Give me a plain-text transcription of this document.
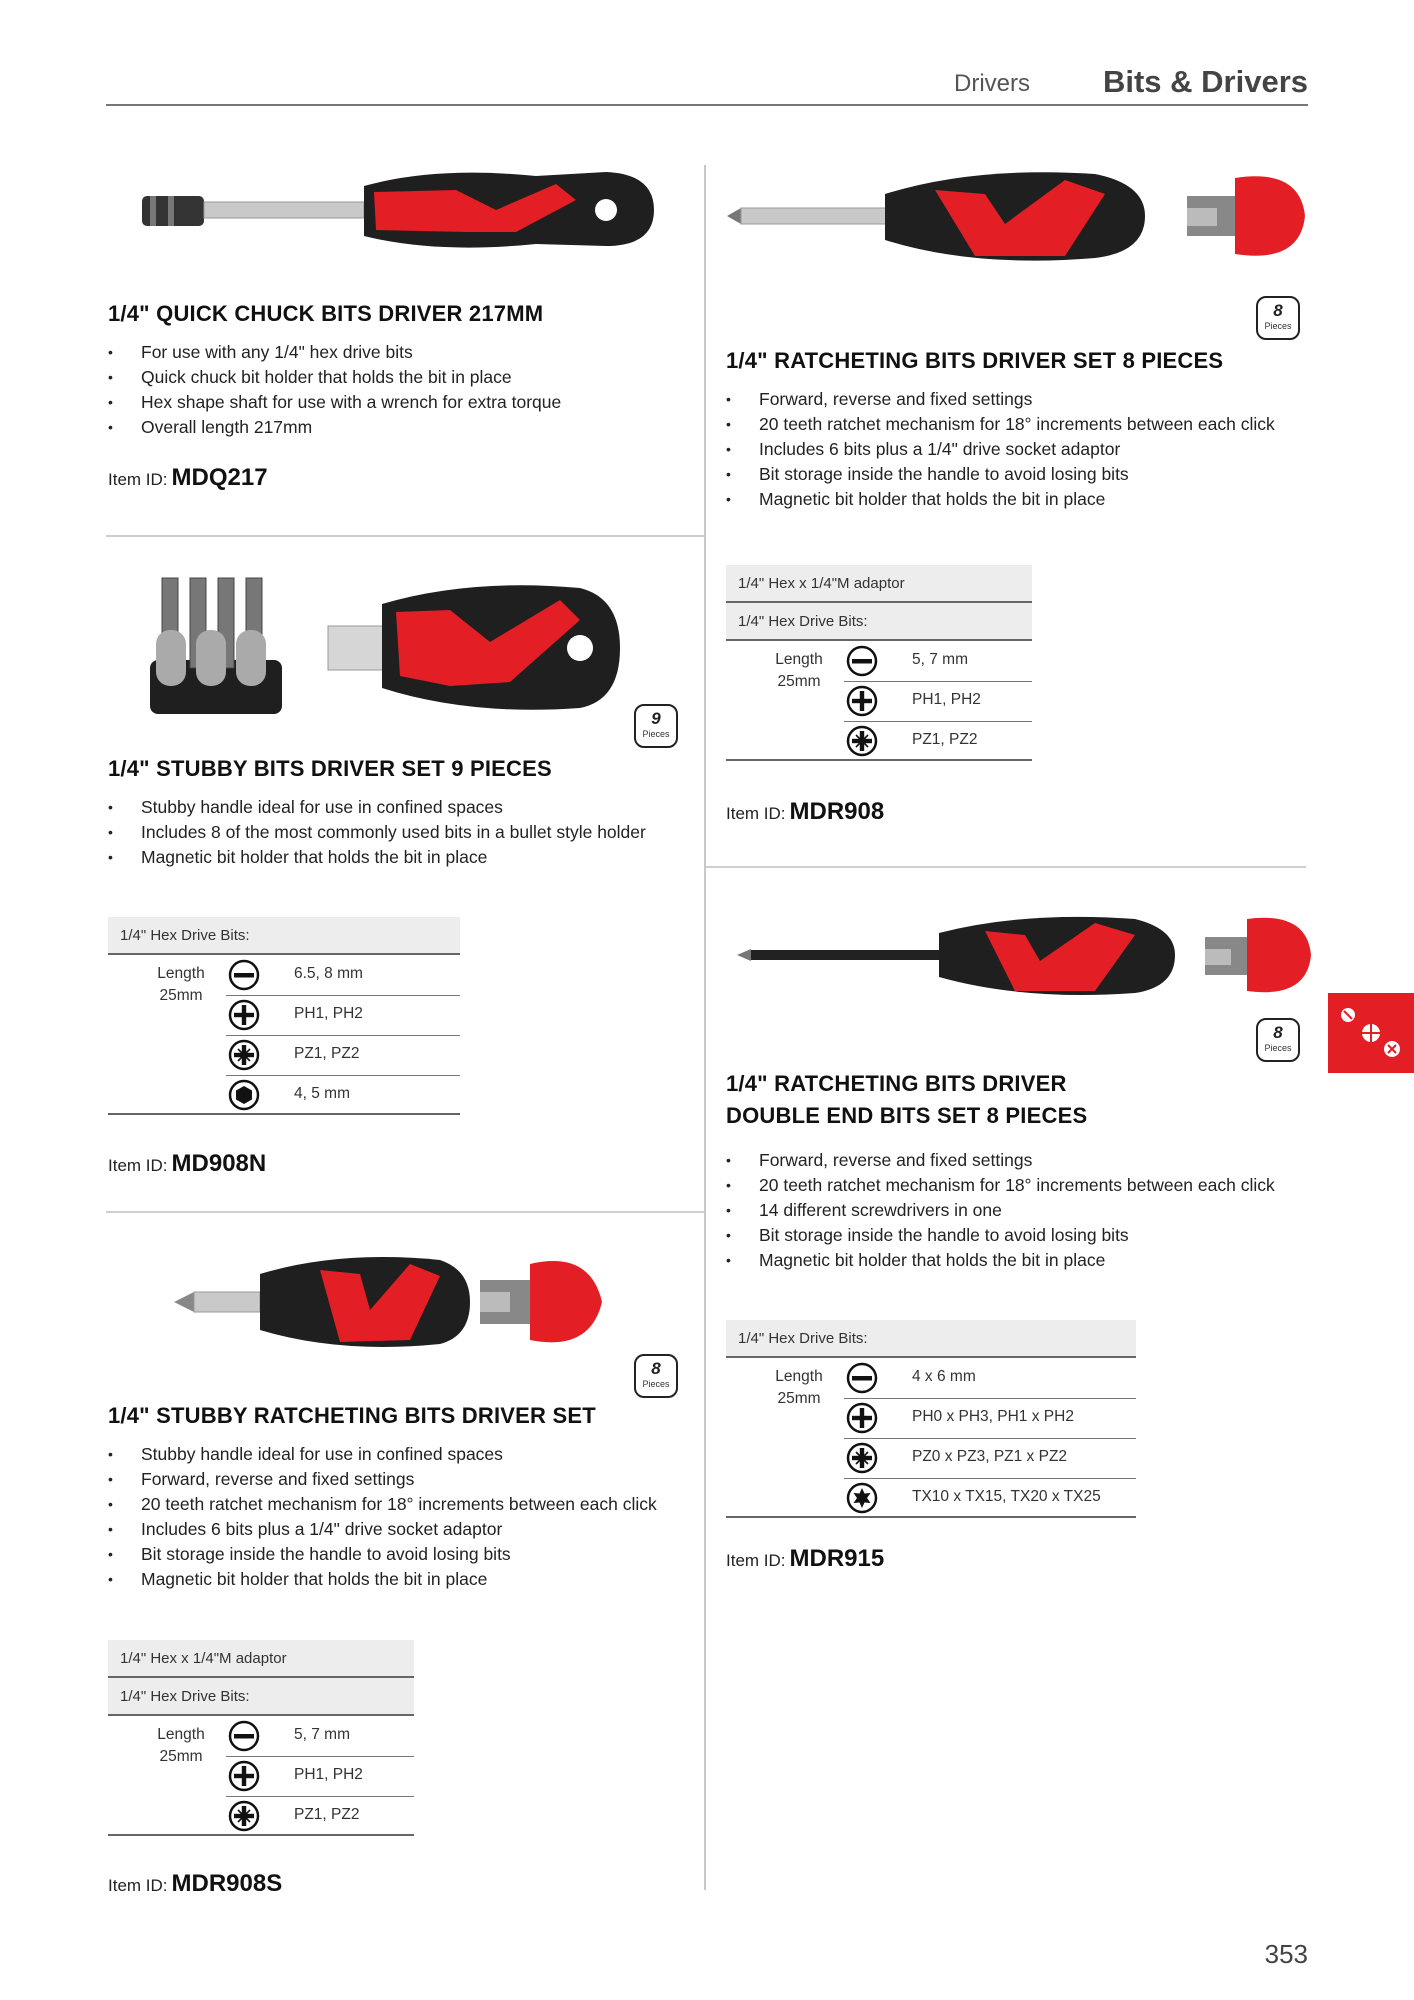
Drivers Bits & Drivers
1/4" QUICK CHUCK BITS DRIVER 217MM
• For use with any 1/4" hex drive bits
• Quick chuck bit holder that holds the bit in place
• Hex shape shaft for use with a wrench for extra torque
• Overall length 217mm
Item ID: MDQ217
9
Pieces
1/4" STUBBY BITS DRIVER SET 9 PIECES
• Stubby handle ideal for use in confined spaces
• Includes 8 of the most commonly used bits in a bullet style holder
• Magnetic bit holder that holds the bit in place
1/4" Hex Drive Bits:
Length 25mm
6.5, 8 mm
PH1, PH2
PZ1, PZ2
4, 5 mm
Item ID: MD908N
8
Pieces
1/4" STUBBY RATCHETING BITS DRIVER SET
• Stubby handle ideal for use in confined spaces
• Forward, reverse and fixed settings
• 20 teeth ratchet mechanism for 18° increments between each click
• Includes 6 bits plus a 1/4" drive socket adaptor
• Bit storage inside the handle to avoid losing bits
• Magnetic bit holder that holds the bit in place
1/4" Hex x 1/4"M adaptor
1/4" Hex Drive Bits:
Length 25mm
5, 7 mm
PH1, PH2
PZ1, PZ2
Item ID: MDR908S
8
Pieces
1/4" RATCHETING BITS DRIVER SET 8 PIECES
• Forward, reverse and fixed settings
• 20 teeth ratchet mechanism for 18° increments between each click
• Includes 6 bits plus a 1/4" drive socket adaptor
• Bit storage inside the handle to avoid losing bits
• Magnetic bit holder that holds the bit in place
1/4" Hex x 1/4"M adaptor
1/4" Hex Drive Bits:
Length 25mm
5, 7 mm
PH1, PH2
PZ1, PZ2
Item ID: MDR908
8
Pieces
1/4" RATCHETING BITS DRIVER
DOUBLE END BITS SET 8 PIECES
• Forward, reverse and fixed settings
• 20 teeth ratchet mechanism for 18° increments between each click
• 14 different screwdrivers in one
• Bit storage inside the handle to avoid losing bits
• Magnetic bit holder that holds the bit in place
1/4" Hex Drive Bits:
Length 25mm
4 x 6 mm
PH0 x PH3, PH1 x PH2
PZ0 x PZ3, PZ1 x PZ2
TX10 x TX15, TX20 x TX25
Item ID: MDR915
353
